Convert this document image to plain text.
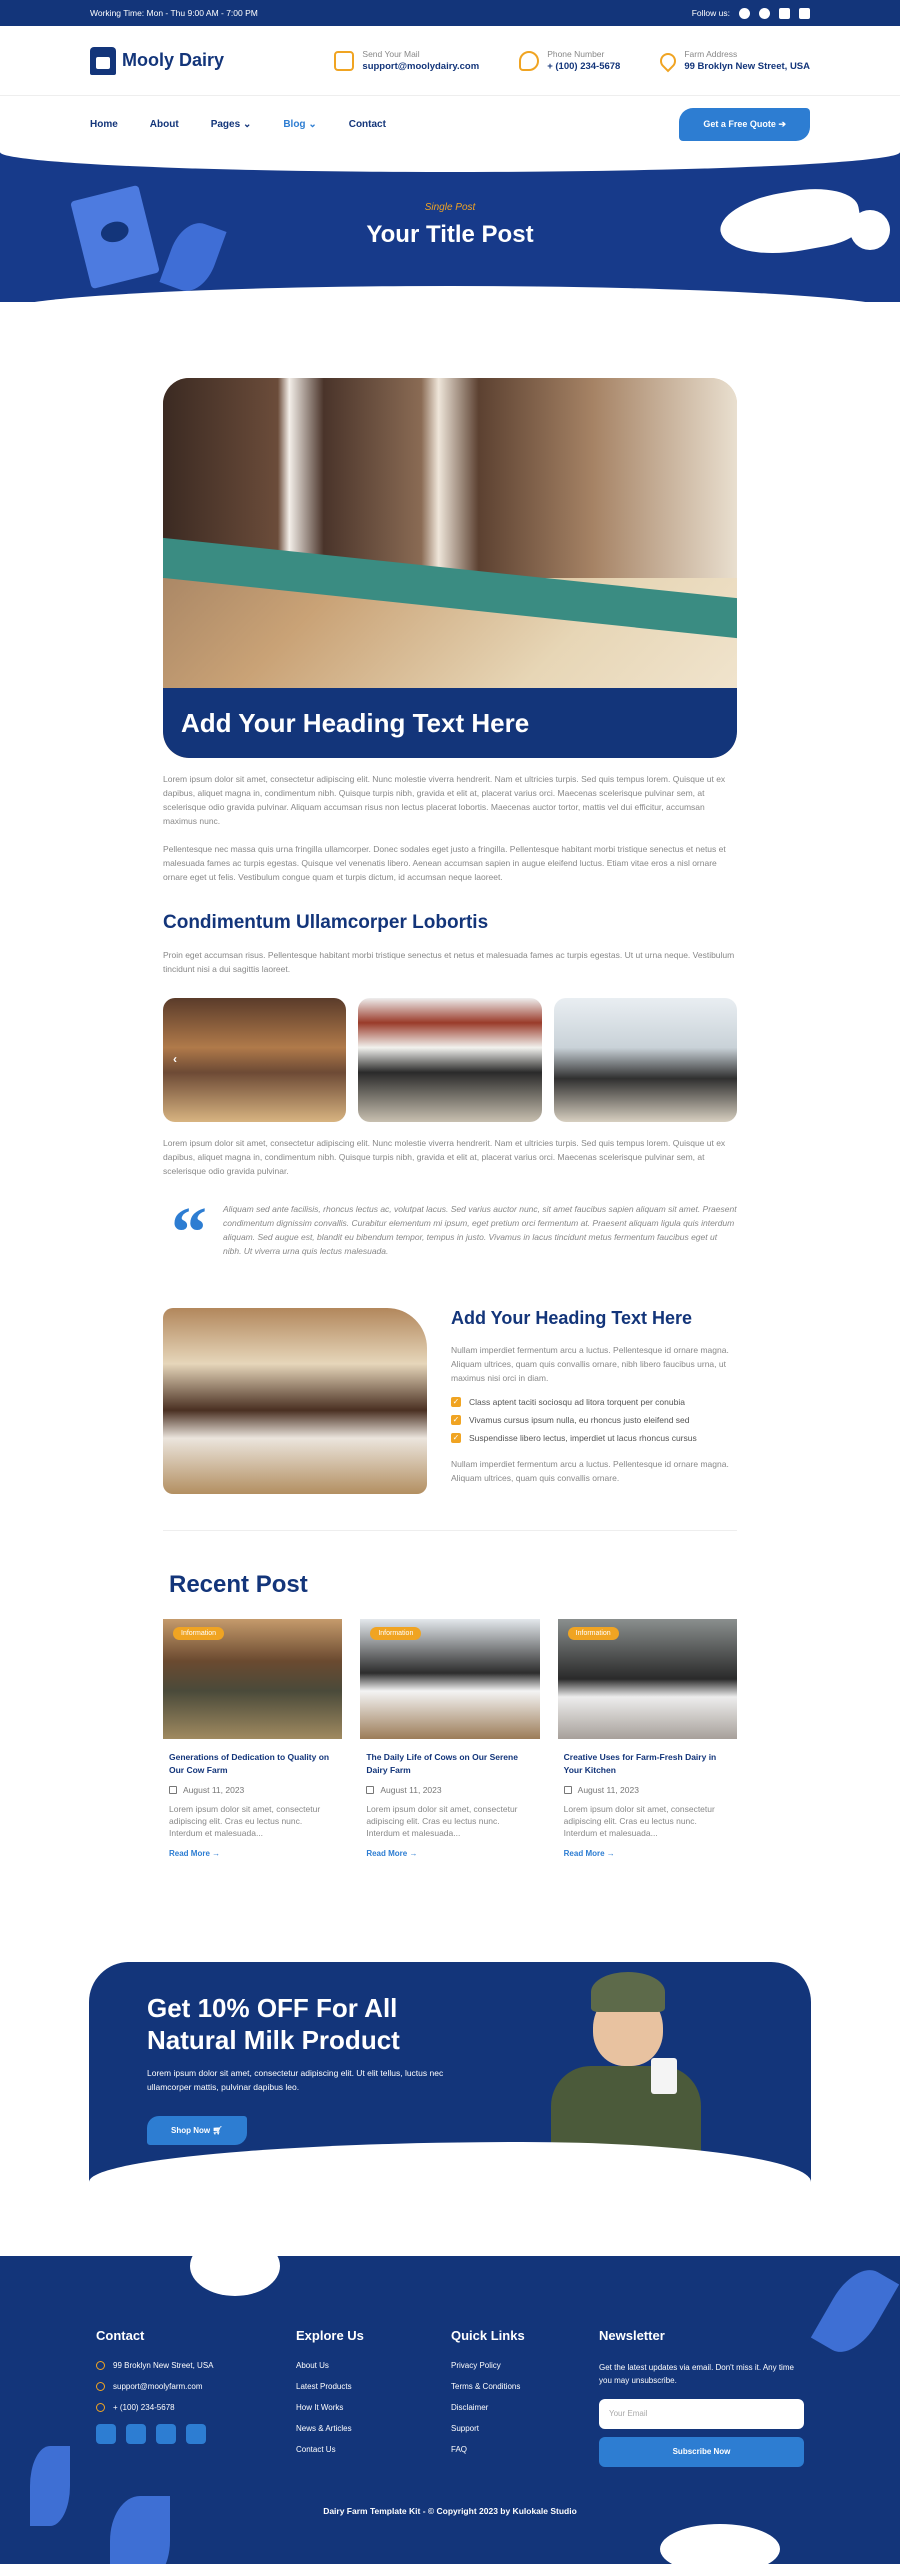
Working Time: Mon - Thu 9:00 AM - 7:00 PM	Follow us:
Mooly Dairy	Send Your Mail
support@moolydairy.com
Phone Number
+ (100) 234-5678
Farm Address
99 Broklyn New Street, USA
Home	About	Pages ⌄	Blog ⌄	Contact	Get a Free Quote ➔
Single Post
Your Title Post
Add Your Heading Text Here

Lorem ipsum dolor sit amet, consectetur adipiscing elit. Nunc molestie viverra hendrerit. Nam et ultricies turpis. Sed quis tempus lorem. Quisque ut ex dapibus, aliquet magna in, condimentum nibh. Quisque turpis nibh, gravida et elit at, placerat varius orci. Maecenas scelerisque pulvinar sem, at scelerisque odio gravida pulvinar. Aliquam accumsan risus non lectus placerat lobortis. Maecenas auctor tortor, mattis vel dui efficitur, accumsan maximus nunc.

Pellentesque nec massa quis urna fringilla ullamcorper. Donec sodales eget justo a fringilla. Pellentesque habitant morbi tristique senectus et netus et malesuada fames ac turpis egestas. Quisque vel venenatis libero. Aenean accumsan sapien in augue eleifend luctus. Etiam vitae eros a nisl ornare ornare eget ut felis. Vestibulum congue quam et turpis dictum, id accumsan neque laoreet.

Condimentum Ullamcorper Lobortis

Proin eget accumsan risus. Pellentesque habitant morbi tristique senectus et netus et malesuada fames ac turpis egestas. Ut ut urna neque. Vestibulum tincidunt nisi a dui sagittis laoreet.

‹

Lorem ipsum dolor sit amet, consectetur adipiscing elit. Nunc molestie viverra hendrerit. Nam et ultricies turpis. Sed quis tempus lorem. Quisque ut ex dapibus, aliquet magna in, condimentum nibh. Quisque turpis nibh, gravida et elit at, placerat varius orci. Maecenas scelerisque pulvinar sem, at scelerisque odio gravida pulvinar.

“ Aliquam sed ante facilisis, rhoncus lectus ac, volutpat lacus. Sed varius auctor nunc, sit amet faucibus sapien aliquam sit amet. Praesent condimentum dignissim convallis. Curabitur elementum mi ipsum, eget pretium orci fermentum at. Praesent aliquam ligula quis interdum aliquam. Sed augue est, blandit eu bibendum tempor, tempus in justo. Vivamus in lacus tincidunt metus fermentum faucibus eget ut nibh. Ut viverra urna quis lectus malesuada.

Add Your Heading Text Here

Nullam imperdiet fermentum arcu a luctus. Pellentesque id ornare magna. Aliquam ultrices, quam quis convallis ornare, nibh libero faucibus urna, ut maximus nisi orci in diam.

✓ Class aptent taciti sociosqu ad litora torquent per conubia
✓ Vivamus cursus ipsum nulla, eu rhoncus justo eleifend sed
✓ Suspendisse libero lectus, imperdiet ut lacus rhoncus cursus

Nullam imperdiet fermentum arcu a luctus. Pellentesque id ornare magna. Aliquam ultrices, quam quis convallis ornare.

Recent Post
Information
Generations of Dedication to Quality on Our Cow Farm
August 11, 2023
Lorem ipsum dolor sit amet, consectetur adipiscing elit. Cras eu lectus nunc. Interdum et malesuada...
Read More →
Information
The Daily Life of Cows on Our Serene Dairy Farm
August 11, 2023
Lorem ipsum dolor sit amet, consectetur adipiscing elit. Cras eu lectus nunc. Interdum et malesuada...
Read More →
Information
Creative Uses for Farm-Fresh Dairy in Your Kitchen
August 11, 2023
Lorem ipsum dolor sit amet, consectetur adipiscing elit. Cras eu lectus nunc. Interdum et malesuada...
Read More →
Get 10% OFF For All Natural Milk Product
Lorem ipsum dolor sit amet, consectetur adipiscing elit. Ut elit tellus, luctus nec ullamcorper mattis, pulvinar dapibus leo.
Shop Now 🛒︎
Contact
99 Broklyn New Street, USA
support@moolyfarm.com
+ (100) 234-5678
Explore Us
About Us
Latest Products
How It Works
News & Articles
Contact Us
Quick Links
Privacy Policy
Terms & Conditions
Disclaimer
Support
FAQ
Newsletter
Get the latest updates via email. Don't miss it. Any time you may unsubscribe.
Your Email
Subscribe Now
Dairy Farm Template Kit - © Copyright 2023 by Kulokale Studio
